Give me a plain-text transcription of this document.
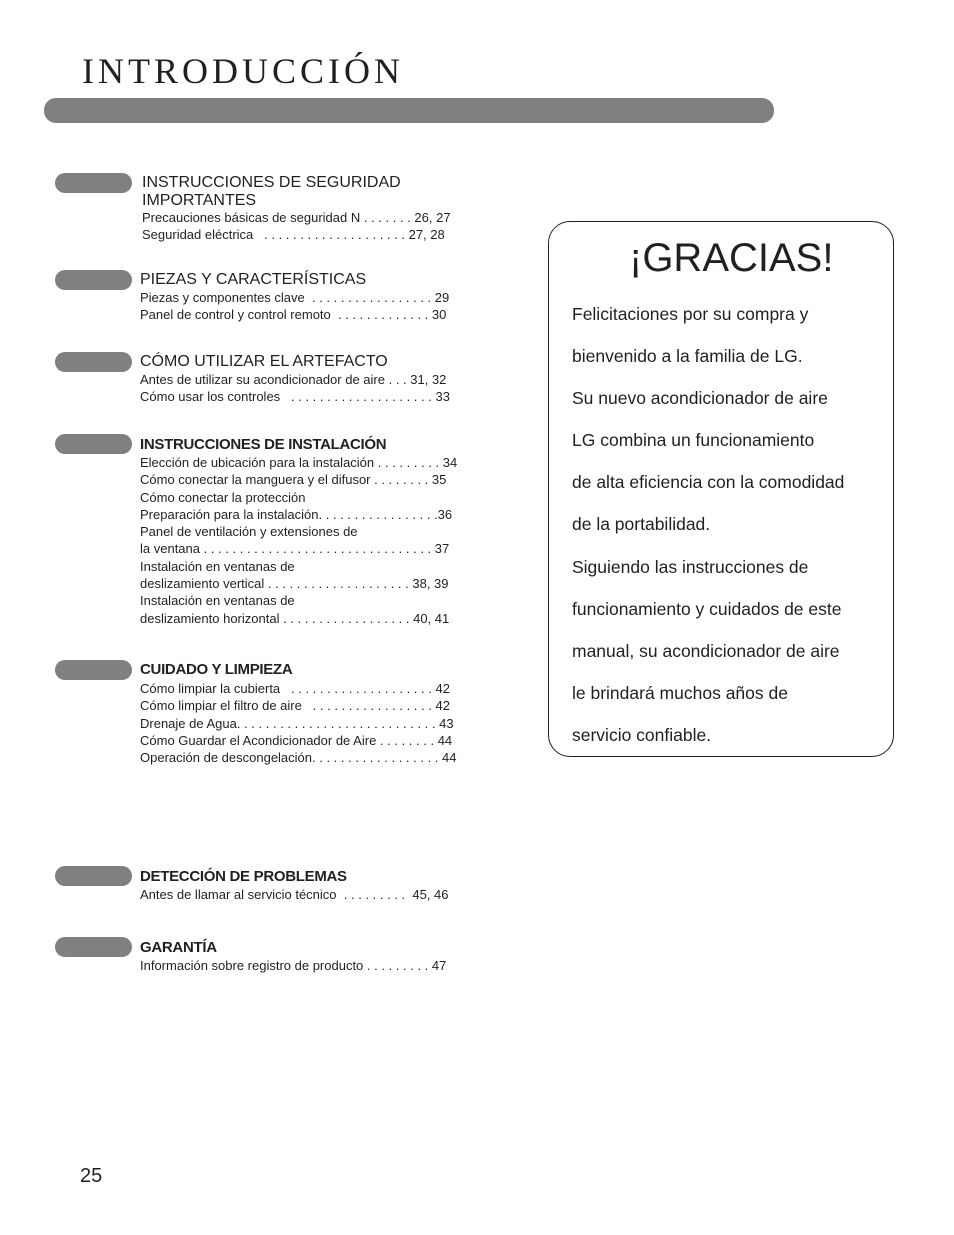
INTRODUCCIÓN
INSTRUCCIONES DE SEGURIDAD
IMPORTANTES
Precauciones básicas de seguridad N . . . . . . . 26, 27
Seguridad eléctrica   . . . . . . . . . . . . . . . . . . . . 27, 28
PIEZAS Y CARACTERÍSTICAS
Piezas y componentes clave  . . . . . . . . . . . . . . . . . 29
Panel de control y control remoto  . . . . . . . . . . . . . 30
CÓMO UTILIZAR EL ARTEFACTO
Antes de utilizar su acondicionador de aire . . . 31, 32
Cómo usar los controles   . . . . . . . . . . . . . . . . . . . . 33
INSTRUCCIONES DE INSTALACIÓN
Elección de ubicación para la instalación . . . . . . . . . 34
Cómo conectar la manguera y el difusor . . . . . . . . 35
Cómo conectar la protección
Preparación para la instalación. . . . . . . . . . . . . . . . .36
Panel de ventilación y extensiones de
la ventana . . . . . . . . . . . . . . . . . . . . . . . . . . . . . . . . 37
Instalación en ventanas de
deslizamiento vertical . . . . . . . . . . . . . . . . . . . . 38, 39
Instalación en ventanas de
deslizamiento horizontal . . . . . . . . . . . . . . . . . . 40, 41
CUIDADO Y LIMPIEZA
Cómo limpiar la cubierta   . . . . . . . . . . . . . . . . . . . . 42
Cómo limpiar el filtro de aire   . . . . . . . . . . . . . . . . . 42
Drenaje de Agua. . . . . . . . . . . . . . . . . . . . . . . . . . . . 43
Cómo Guardar el Acondicionador de Aire . . . . . . . . 44
Operación de descongelación. . . . . . . . . . . . . . . . . . 44
DETECCIÓN DE PROBLEMAS
Antes de llamar al servicio técnico  . . . . . . . . .  45, 46
GARANTÍA
Información sobre registro de producto . . . . . . . . . 47
¡GRACIAS!
Felicitaciones por su compra y
bienvenido a la familia de LG.
Su nuevo acondicionador de aire
LG combina un funcionamiento
de alta eficiencia con la comodidad
de la portabilidad.
Siguiendo las instrucciones de
funcionamiento y cuidados de este
manual, su acondicionador de aire
le brindará muchos años de
servicio confiable.
25
